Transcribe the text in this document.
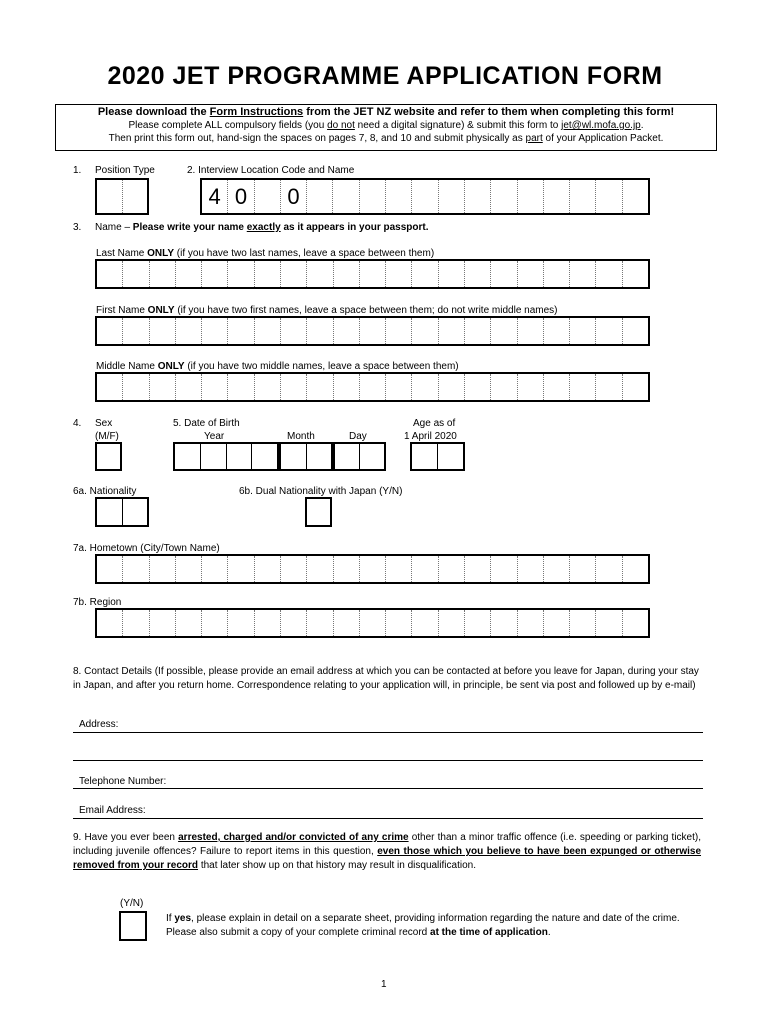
2020 JET PROGRAMME APPLICATION FORM
Please download the Form Instructions from the JET NZ website and refer to them when completing this form!
Please complete ALL compulsory fields (you do not need a digital signature) & submit this form to jet@wl.mofa.go.jp.
Then print this form out, hand-sign the spaces on pages 7, 8, and 10 and submit physically as part of your Application Packet.
1. Position Type	2. Interview Location Code and Name
4 0	0
3. Name – Please write your name exactly as it appears in your passport.
Last Name ONLY (if you have two last names, leave a space between them)
First Name ONLY (if you have two first names, leave a space between them; do not write middle names)
Middle Name ONLY (if you have two middle names, leave a space between them)
4. Sex
(M/F)
5. Date of Birth
Year	Month	Day
Age as of
1 April 2020
6a. Nationality	6b. Dual Nationality with Japan (Y/N)
7a. Hometown (City/Town Name)
7b. Region
8. Contact Details (If possible, please provide an email address at which you can be contacted at before you leave for Japan, during your stay in Japan, and after you return home. Correspondence relating to your application will, in principle, be sent via post and followed up by e-mail)
Address:
Telephone Number:
Email Address:
9. Have you ever been arrested, charged and/or convicted of any crime other than a minor traffic offence (i.e. speeding or parking ticket), including juvenile offences? Failure to report items in this question, even those which you believe to have been expunged or otherwise removed from your record that later show up on that history may result in disqualification.
(Y/N)
If yes, please explain in detail on a separate sheet, providing information regarding the nature and date of the crime. Please also submit a copy of your complete criminal record at the time of application.
1
